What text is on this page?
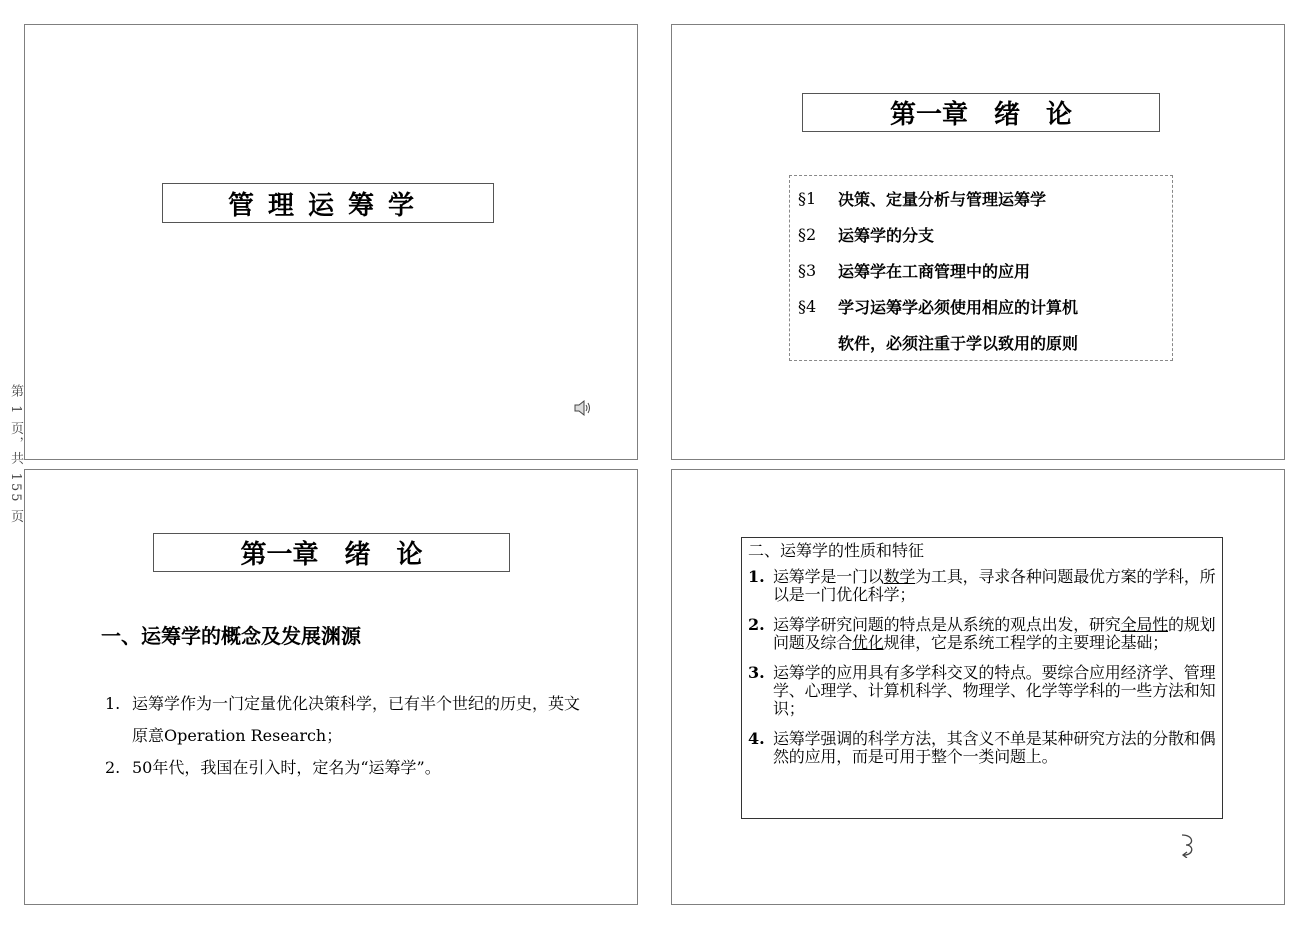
第 1 页，共 155 页
管理运筹学
第一章　绪　论
§1	决策、定量分析与管理运筹学
§2	运筹学的分支
§3	运筹学在工商管理中的应用
§4	学习运筹学必须使用相应的计算机
软件，必须注重于学以致用的原则
第一章　绪　论
一、运筹学的概念及发展渊源
1. 运筹学作为一门定量优化决策科学，已有半个世纪的历史，英文原意Operation Research；
2. 50年代，我国在引入时，定名为“运筹学”。
二、运筹学的性质和特征
1. 运筹学是一门以数学为工具，寻求各种问题最优方案的学科，所以是一门优化科学；
2. 运筹学研究问题的特点是从系统的观点出发，研究全局性的规划问题及综合优化规律，它是系统工程学的主要理论基础；
3. 运筹学的应用具有多学科交叉的特点。要综合应用经济学、管理学、心理学、计算机科学、物理学、化学等学科的一些方法和知识；
4. 运筹学强调的科学方法，其含义不单是某种研究方法的分散和偶然的应用，而是可用于整个一类问题上。
